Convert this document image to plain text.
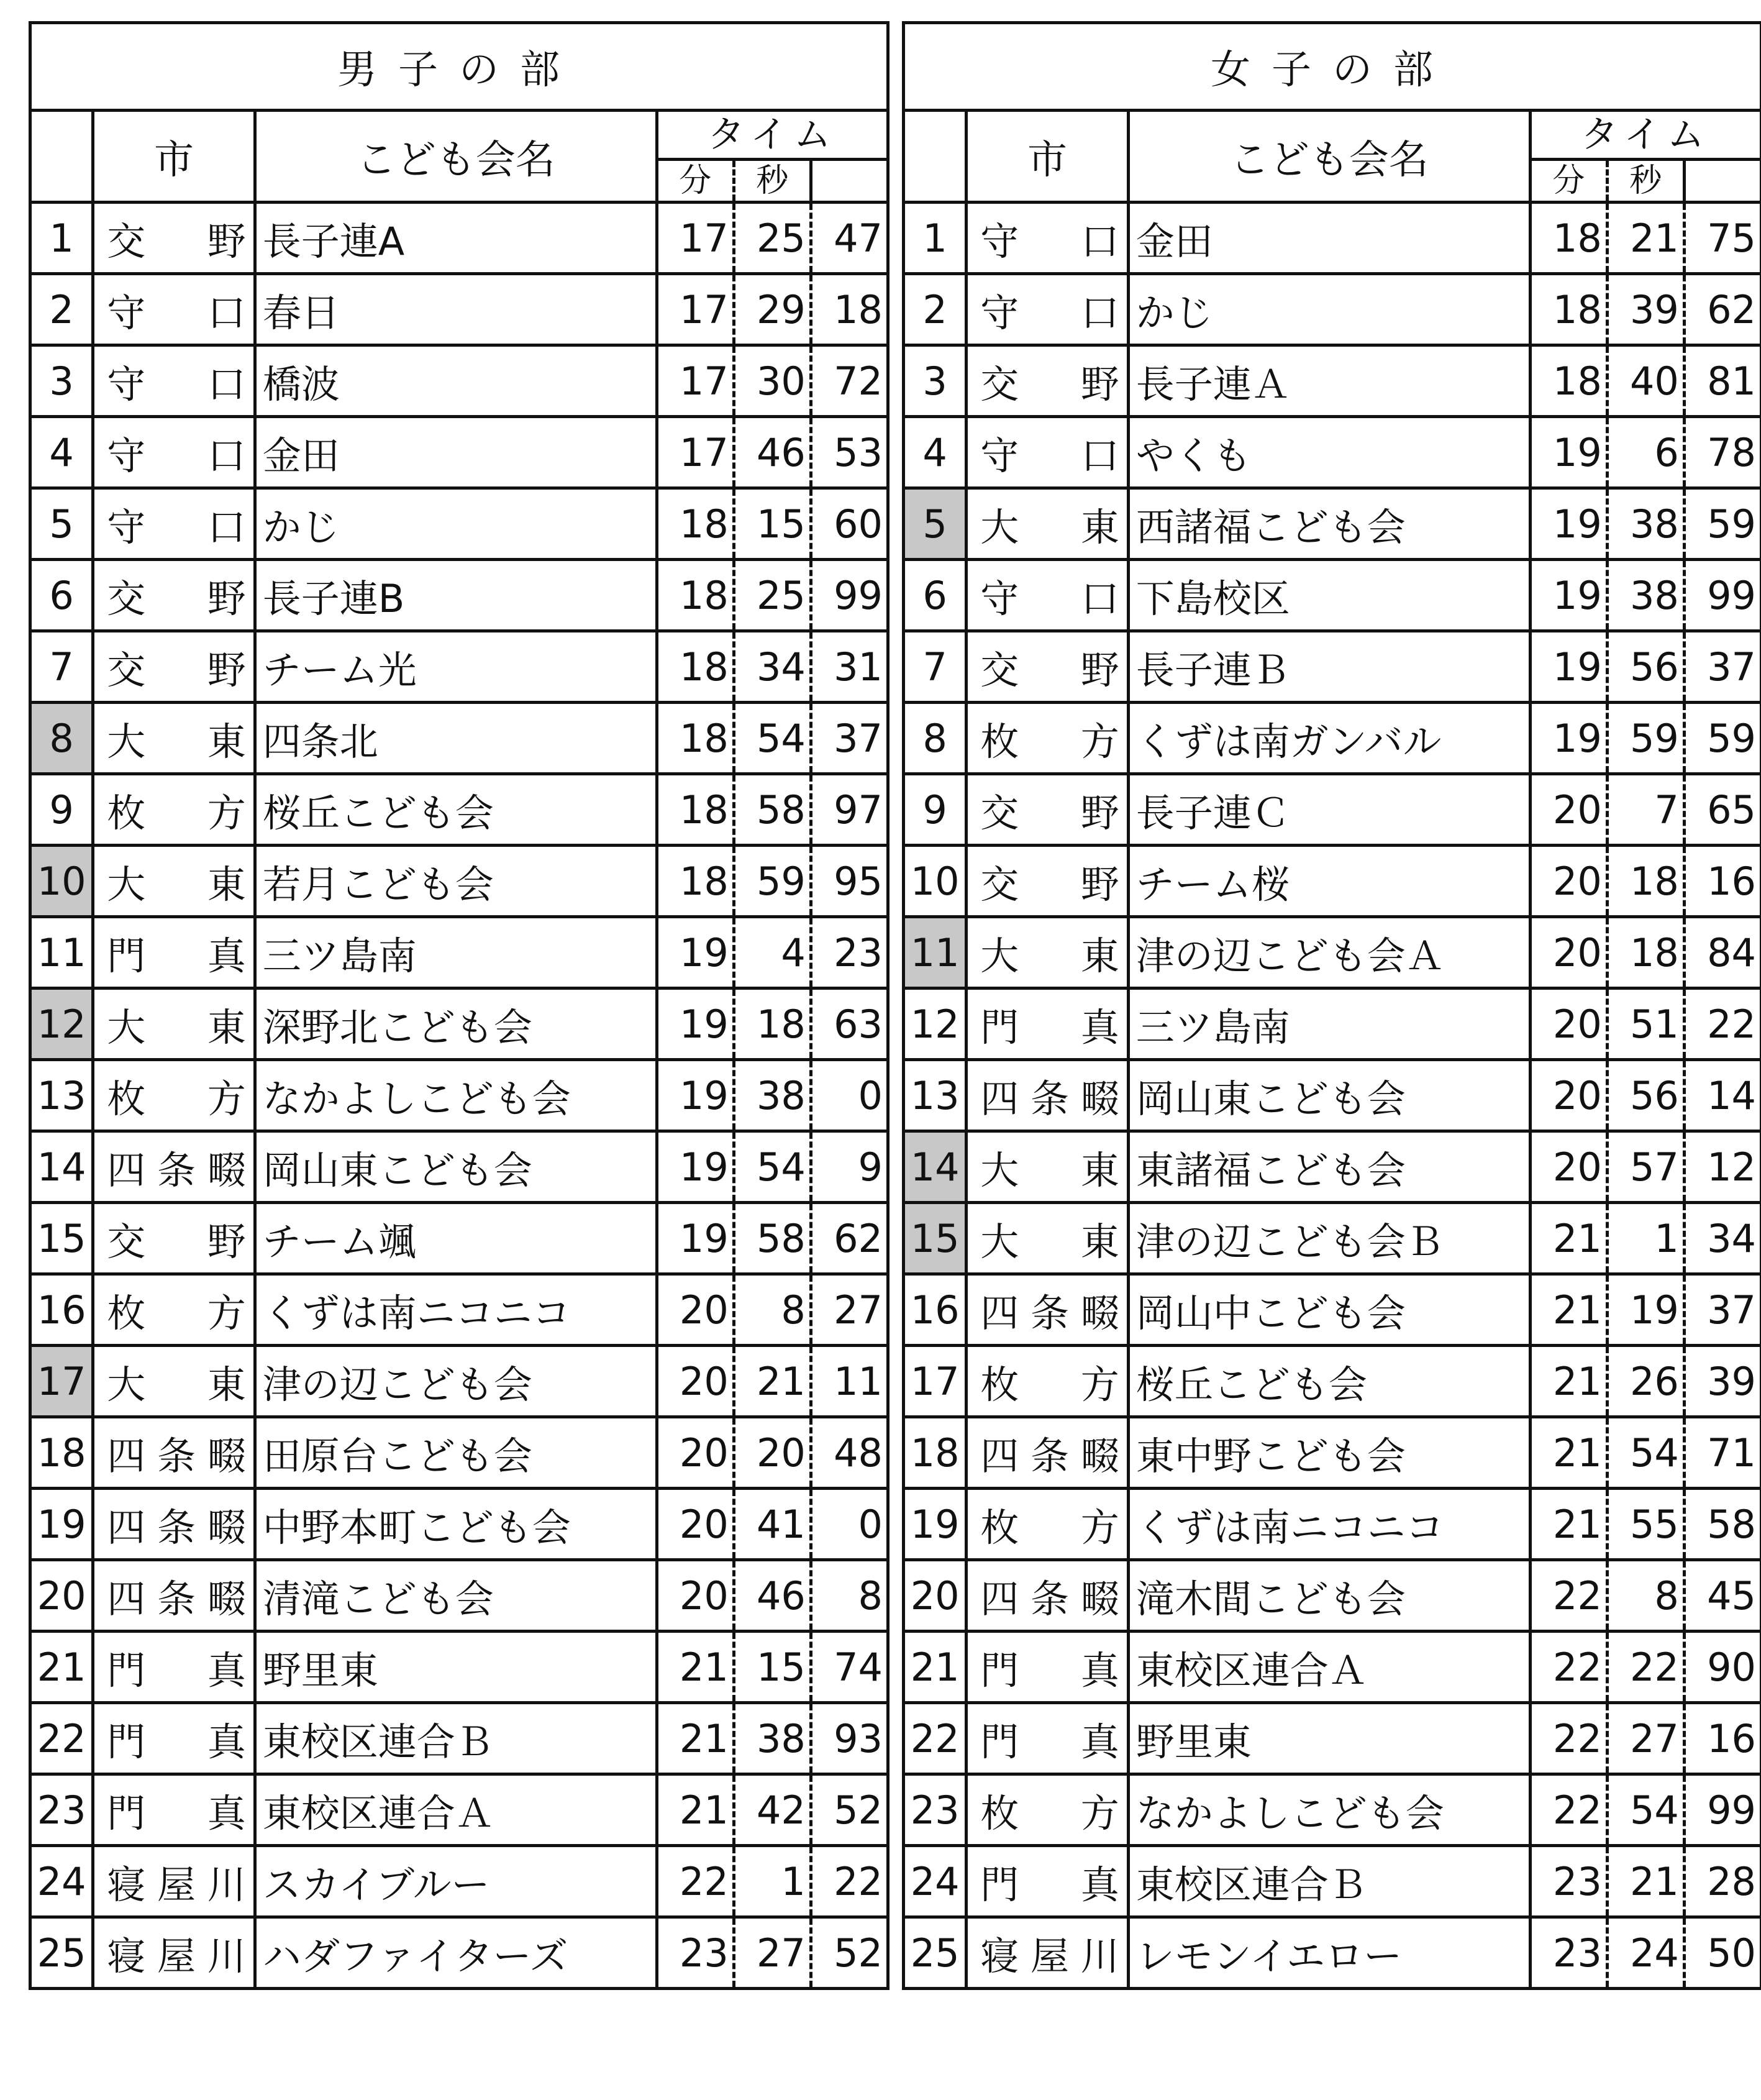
男子の部					
	市	こども会名	タイム		
			分	秒	
1	交野	長子連A	17	25	47
2	守口	春日	17	29	18
3	守口	橋波	17	30	72
4	守口	金田	17	46	53
5	守口	かじ	18	15	60
6	交野	長子連B	18	25	99
7	交野	チーム光	18	34	31
8	大東	四条北	18	54	37
9	枚方	桜丘こども会	18	58	97
10	大東	若月こども会	18	59	95
11	門真	三ツ島南	19	4	23
12	大東	深野北こども会	19	18	63
13	枚方	なかよしこども会	19	38	0
14	四条畷	岡山東こども会	19	54	9
15	交野	チーム颯	19	58	62
16	枚方	くずは南ニコニコ	20	8	27
17	大東	津の辺こども会	20	21	11
18	四条畷	田原台こども会	20	20	48
19	四条畷	中野本町こども会	20	41	0
20	四条畷	清滝こども会	20	46	8
21	門真	野里東	21	15	74
22	門真	東校区連合Ｂ	21	38	93
23	門真	東校区連合Ａ	21	42	52
24	寝屋川	スカイブルー	22	1	22
25	寝屋川	ハダファイターズ	23	27	52
女子の部					
	市	こども会名	タイム		
			分	秒	
1	守口	金田	18	21	75
2	守口	かじ	18	39	62
3	交野	長子連Ａ	18	40	81
4	守口	やくも	19	6	78
5	大東	西諸福こども会	19	38	59
6	守口	下島校区	19	38	99
7	交野	長子連Ｂ	19	56	37
8	枚方	くずは南ガンバル	19	59	59
9	交野	長子連Ｃ	20	7	65
10	交野	チーム桜	20	18	16
11	大東	津の辺こども会Ａ	20	18	84
12	門真	三ツ島南	20	51	22
13	四条畷	岡山東こども会	20	56	14
14	大東	東諸福こども会	20	57	12
15	大東	津の辺こども会Ｂ	21	1	34
16	四条畷	岡山中こども会	21	19	37
17	枚方	桜丘こども会	21	26	39
18	四条畷	東中野こども会	21	54	71
19	枚方	くずは南ニコニコ	21	55	58
20	四条畷	滝木間こども会	22	8	45
21	門真	東校区連合Ａ	22	22	90
22	門真	野里東	22	27	16
23	枚方	なかよしこども会	22	54	99
24	門真	東校区連合Ｂ	23	21	28
25	寝屋川	レモンイエロー	23	24	50
